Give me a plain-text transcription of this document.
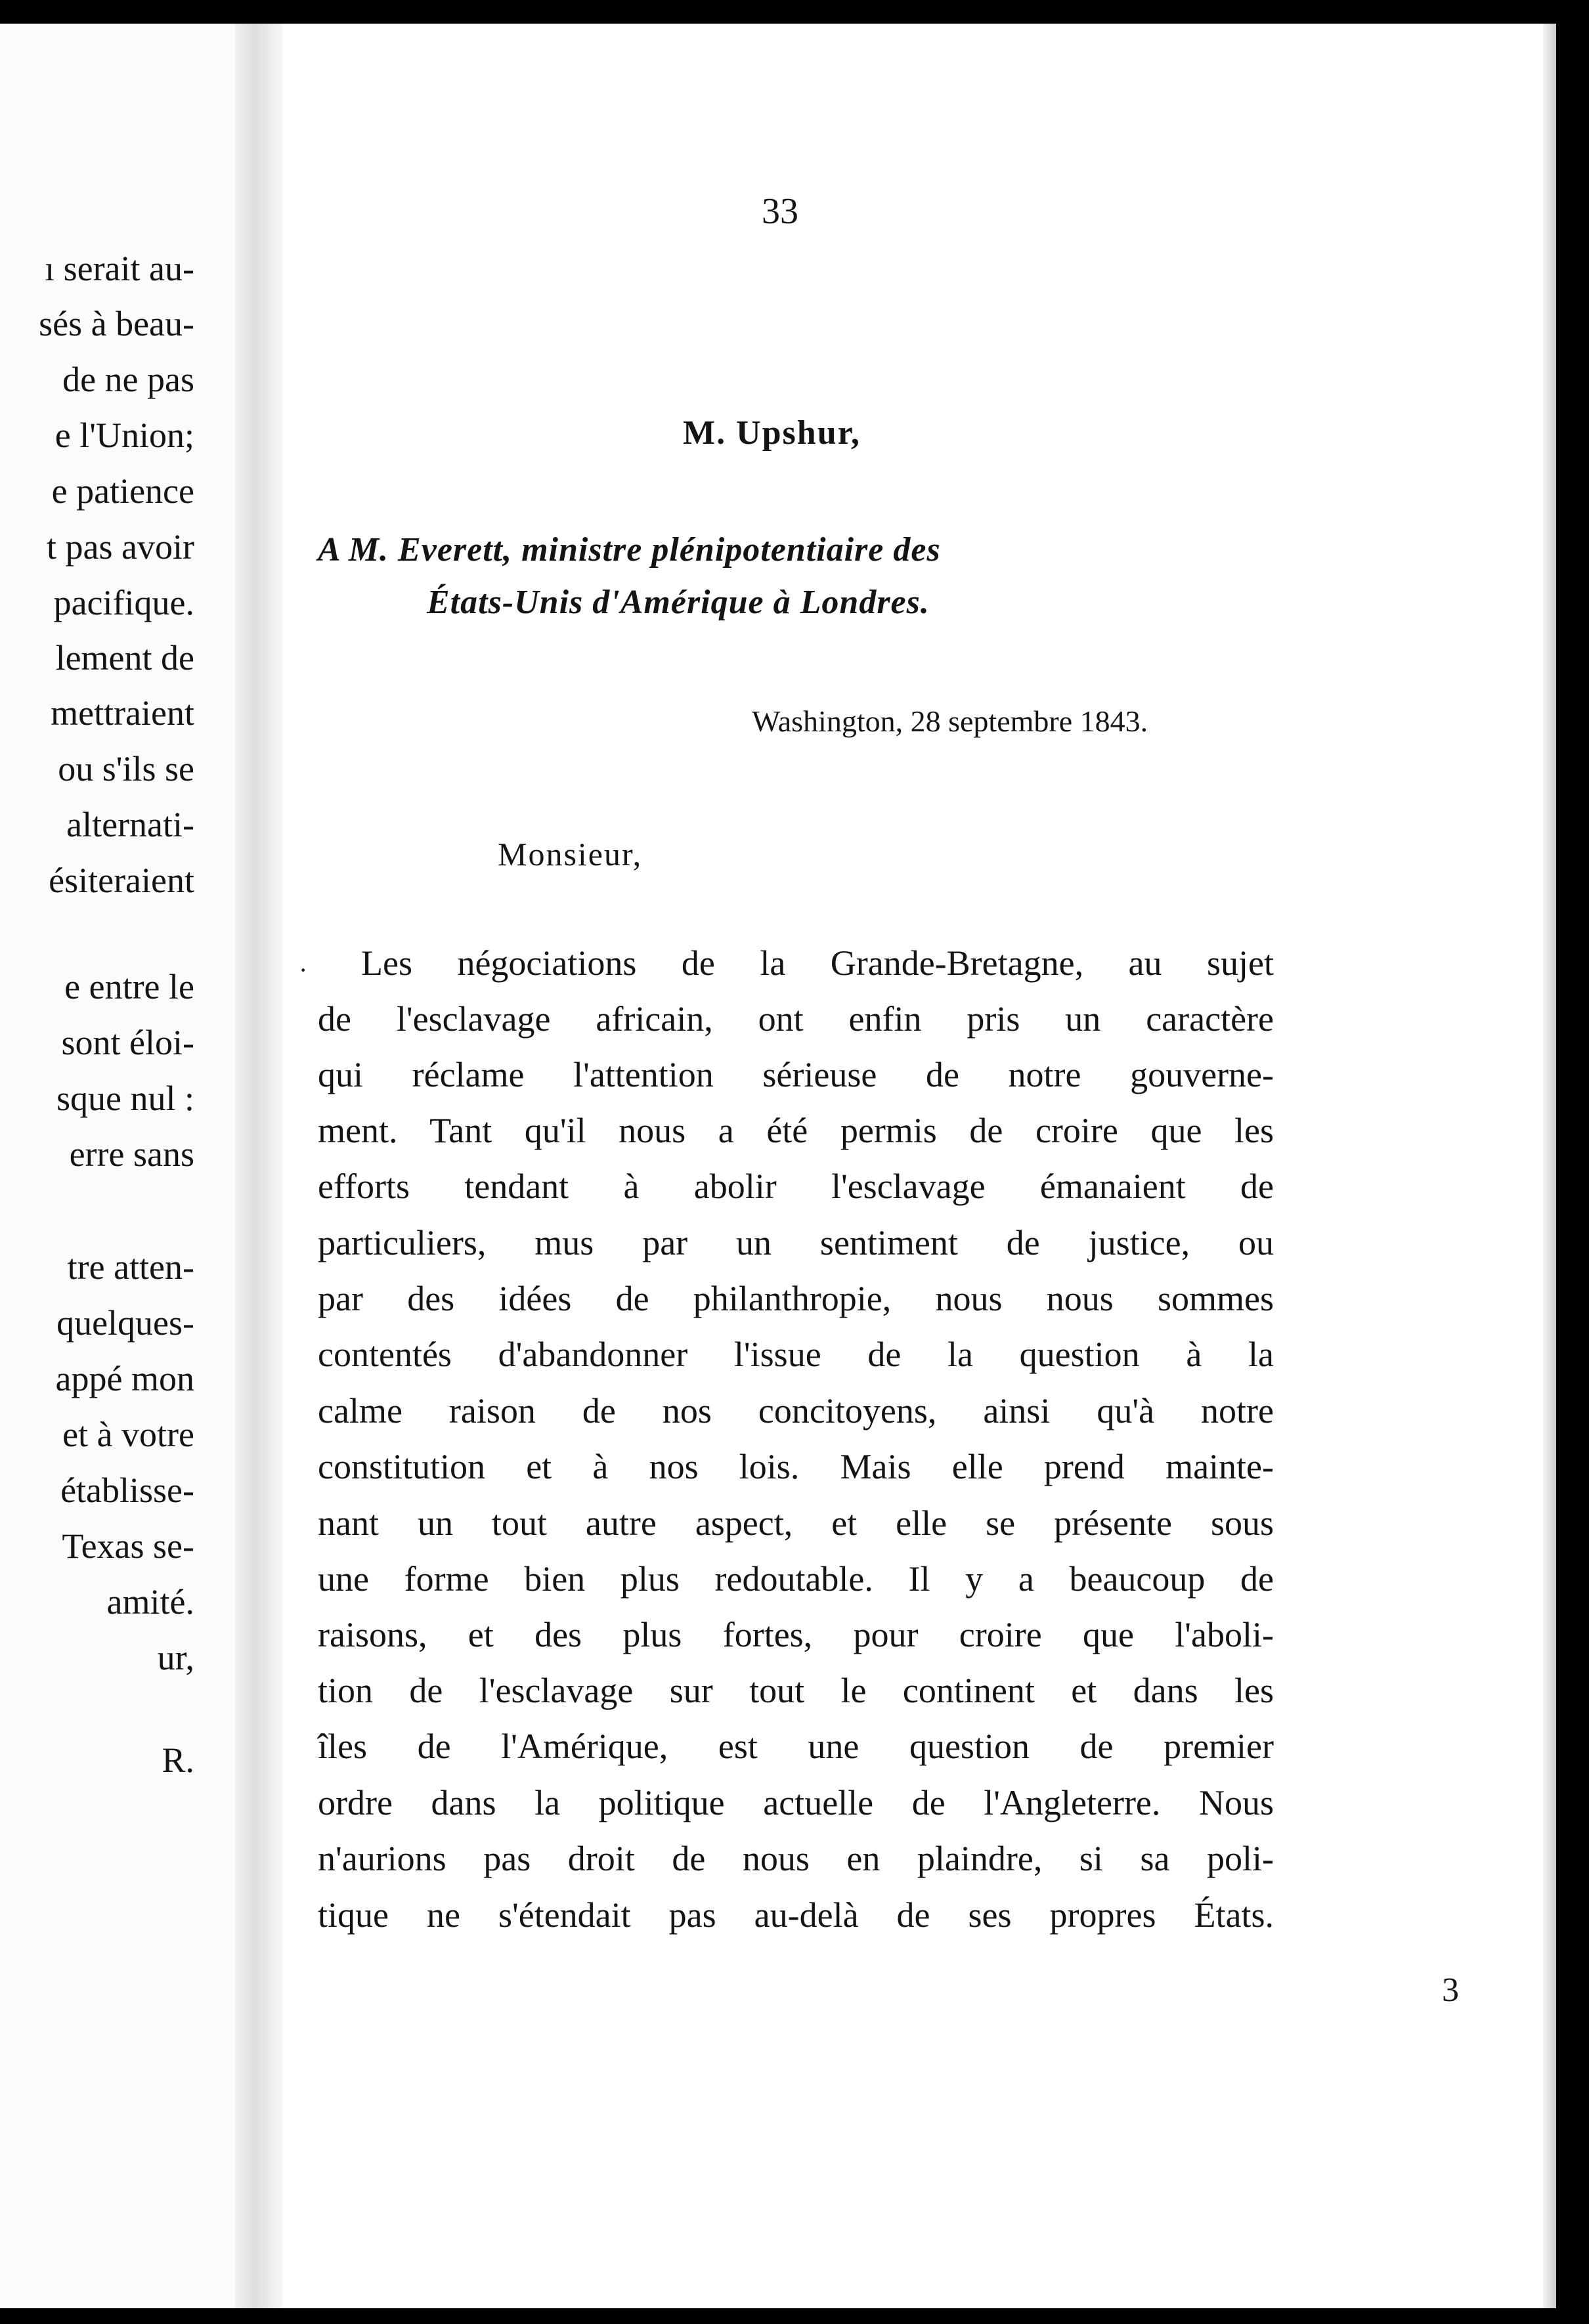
ı serait au-
sés à beau-
de ne pas
e l'Union;
e patience
t pas avoir
pacifique.
lement de
mettraient
ou s'ils se
alternati-
ésiteraient
e entre le
sont éloi-
sque nul :
erre sans
tre atten-
quelques-
appé mon
et à votre
établisse-
Texas se-
amité.
ur,
R.
33
M. Upshur,
A M. Everett, ministre plénipotentiaire des
États-Unis d'Amérique à Londres.
Washington, 28 septembre 1843.
Monsieur,
· Les négociations de la Grande-Bretagne, au sujet
de l'esclavage africain, ont enfin pris un caractère
qui réclame l'attention sérieuse de notre gouverne-
ment. Tant qu'il nous a été permis de croire que les
efforts tendant à abolir l'esclavage émanaient de
particuliers, mus par un sentiment de justice, ou
par des idées de philanthropie, nous nous sommes
contentés d'abandonner l'issue de la question à la
calme raison de nos concitoyens, ainsi qu'à notre
constitution et à nos lois. Mais elle prend mainte-
nant un tout autre aspect, et elle se présente sous
une forme bien plus redoutable. Il y a beaucoup de
raisons, et des plus fortes, pour croire que l'aboli-
tion de l'esclavage sur tout le continent et dans les
îles de l'Amérique, est une question de premier
ordre dans la politique actuelle de l'Angleterre. Nous
n'aurions pas droit de nous en plaindre, si sa poli-
tique ne s'étendait pas au-delà de ses propres États.
3
